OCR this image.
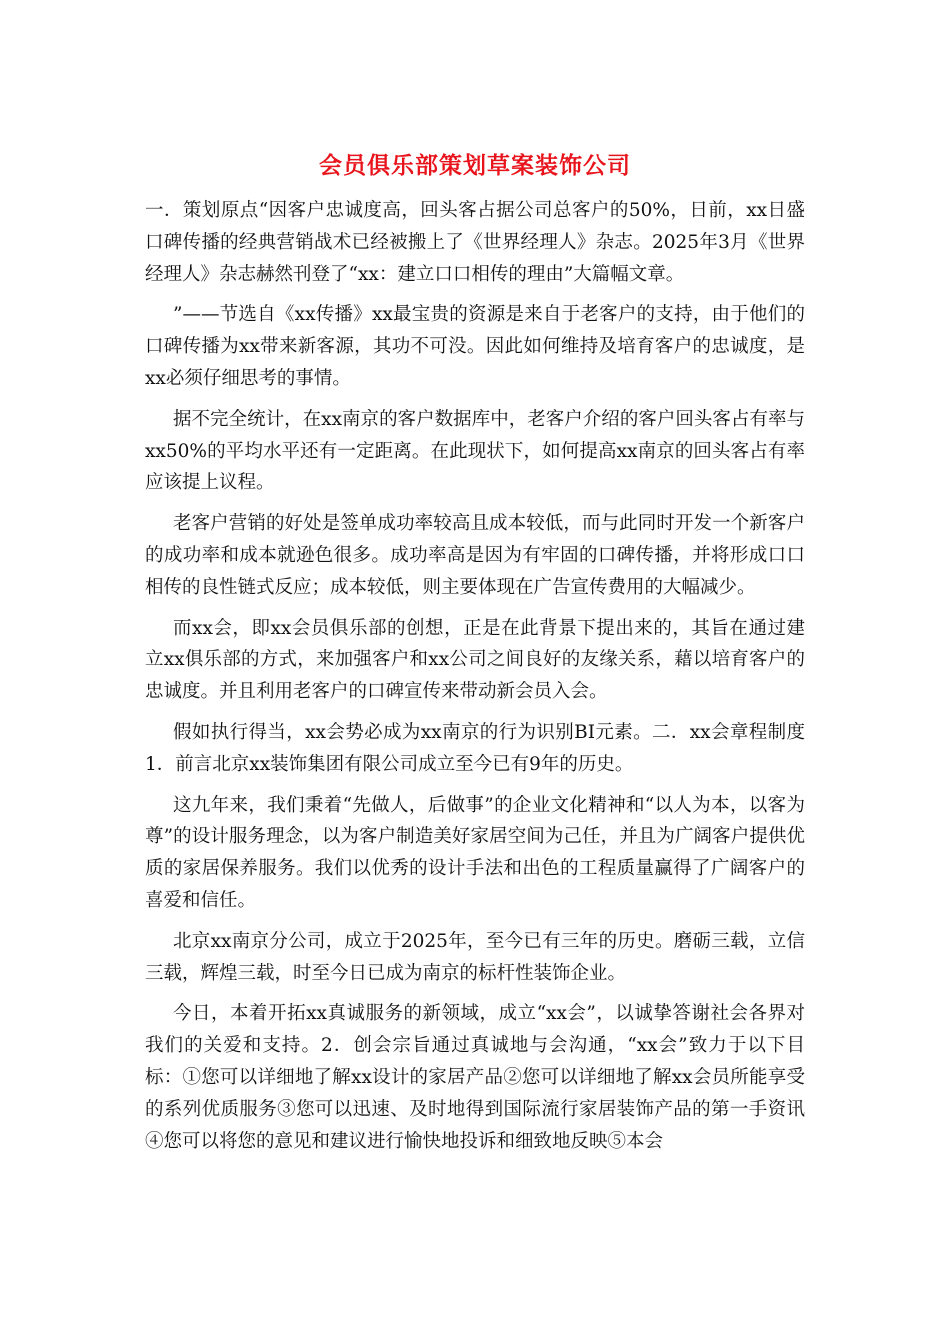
会员俱乐部策划草案装饰公司

一．策划原点“因客户忠诚度高，回头客占据公司总客户的50%，日前，xx日盛口碑传播的经典营销战术已经被搬上了《世界经理人》杂志。2025年3月《世界经理人》杂志赫然刊登了“xx：建立口口相传的理由”大篇幅文章。

”——节选自《xx传播》xx最宝贵的资源是来自于老客户的支持，由于他们的口碑传播为xx带来新客源，其功不可没。因此如何维持及培育客户的忠诚度，是xx必须仔细思考的事情。

据不完全统计，在xx南京的客户数据库中，老客户介绍的客户回头客占有率与xx50%的平均水平还有一定距离。在此现状下，如何提高xx南京的回头客占有率应该提上议程。

老客户营销的好处是签单成功率较高且成本较低，而与此同时开发一个新客户的成功率和成本就逊色很多。成功率高是因为有牢固的口碑传播，并将形成口口相传的良性链式反应；成本较低，则主要体现在广告宣传费用的大幅减少。

而xx会，即xx会员俱乐部的创想，正是在此背景下提出来的，其旨在通过建立xx俱乐部的方式，来加强客户和xx公司之间良好的友缘关系，藉以培育客户的忠诚度。并且利用老客户的口碑宣传来带动新会员入会。

假如执行得当，xx会势必成为xx南京的行为识别BI元素。二．xx会章程制度1．前言北京xx装饰集团有限公司成立至今已有9年的历史。

这九年来，我们秉着“先做人，后做事”的企业文化精神和“以人为本，以客为尊”的设计服务理念，以为客户制造美好家居空间为己任，并且为广阔客户提供优质的家居保养服务。我们以优秀的设计手法和出色的工程质量赢得了广阔客户的喜爱和信任。

北京xx南京分公司，成立于2025年，至今已有三年的历史。磨砺三载，立信三载，辉煌三载，时至今日已成为南京的标杆性装饰企业。

今日，本着开拓xx真诚服务的新领域，成立“xx会”，以诚挚答谢社会各界对我们的关爱和支持。2．创会宗旨通过真诚地与会沟通，“xx会”致力于以下目标：①您可以详细地了解xx设计的家居产品②您可以详细地了解xx会员所能享受的系列优质服务③您可以迅速、及时地得到国际流行家居装饰产品的第一手资讯④您可以将您的意见和建议进行愉快地投诉和细致地反映⑤本会
